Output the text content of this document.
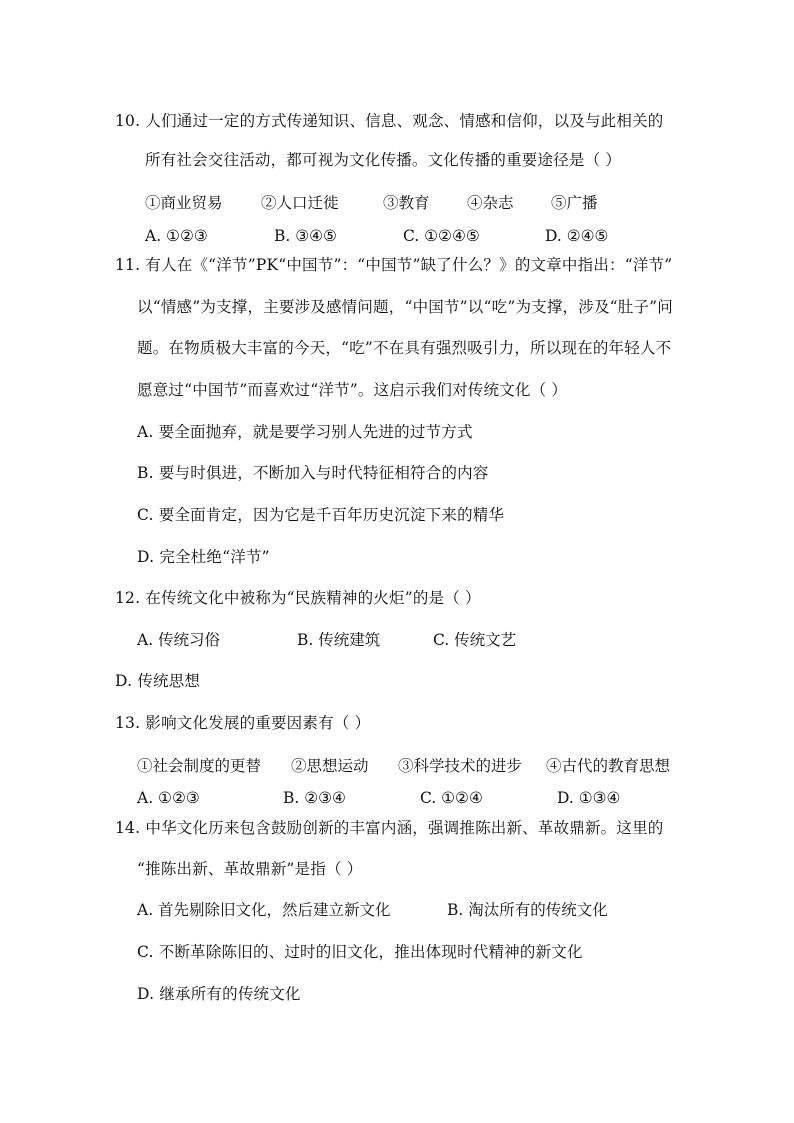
10. 人们通过一定的方式传递知识、信息、观念、情感和信仰，以及与此相关的
所有社会交往活动，都可视为文化传播。文化传播的重要途径是（ ）
①商业贸易 ②人口迁徙	③教育 ④杂志 ⑤广播
A. ①②③	B. ③④⑤	C. ①②④⑤	D. ②④⑤
11. 有人在《“洋节”PK“中国节”：“中国节”缺了什么？》的文章中指出：“洋节”
以“情感”为支撑，主要涉及感情问题，“中国节”以“吃”为支撑，涉及“肚子”问
题。在物质极大丰富的今天，“吃”不在具有强烈吸引力，所以现在的年轻人不
愿意过“中国节”而喜欢过“洋节”。这启示我们对传统文化（ ）
A. 要全面抛弃，就是要学习别人先进的过节方式
B. 要与时俱进，不断加入与时代特征相符合的内容
C. 要全面肯定，因为它是千百年历史沉淀下来的精华
D. 完全杜绝“洋节”
12. 在传统文化中被称为“民族精神的火炬”的是（ ）
A. 传统习俗	B. 传统建筑	C. 传统文艺
D. 传统思想
13. 影响文化发展的重要因素有（ ）
①社会制度的更替 ②思想运动 ③科学技术的进步 ④古代的教育思想
A. ①②③	B. ②③④	C. ①②④	D. ①③④
14. 中华文化历来包含鼓励创新的丰富内涵，强调推陈出新、革故鼎新。这里的
“推陈出新、革故鼎新”是指（ ）
A. 首先剔除旧文化，然后建立新文化	B. 淘汰所有的传统文化
C. 不断革除陈旧的、过时的旧文化，推出体现时代精神的新文化
D. 继承所有的传统文化
